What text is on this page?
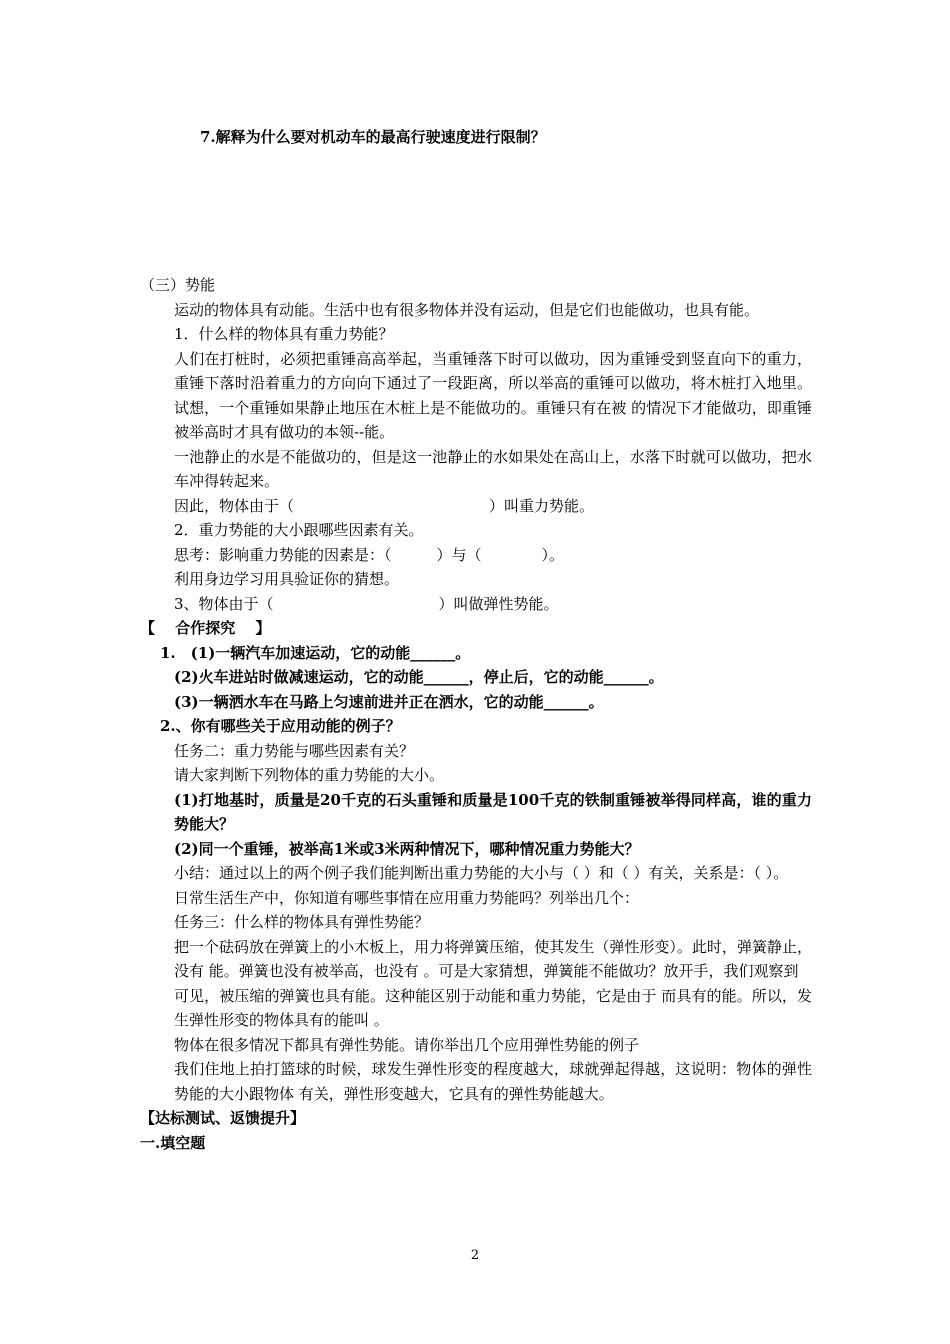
7.解释为什么要对机动车的最高行驶速度进行限制？

（三）势能

运动的物体具有动能。生活中也有很多物体并没有运动，但是它们也能做功，也具有能。

1．什么样的物体具有重力势能？

人们在打桩时，必须把重锤高高举起，当重锤落下时可以做功，因为重锤受到竖直向下的重力，重锤下落时沿着重力的方向向下通过了一段距离，所以举高的重锤可以做功，将木桩打入地里。试想，一个重锤如果静止地压在木桩上是不能做功的。重锤只有在被 的情况下才能做功，即重锤被举高时才具有做功的本领--能。

一池静止的水是不能做功的，但是这一池静止的水如果处在高山上，水落下时就可以做功，把水车冲得转起来。

因此，物体由于（　　　　　　　　　　　　　）叫重力势能。

2．重力势能的大小跟哪些因素有关。

思考：影响重力势能的因素是：（　　　）与（　　　　）。

利用身边学习用具验证你的猜想。

3、物体由于（　　　　　　　　　　　）叫做弹性势能。

【　 合作探究　 】

1.　(1)一辆汽车加速运动，它的动能______。

(2)火车进站时做减速运动，它的动能______，停止后，它的动能______。

(3)一辆洒水车在马路上匀速前进并正在洒水，它的动能______。

2.、你有哪些关于应用动能的例子？

任务二：重力势能与哪些因素有关？

请大家判断下列物体的重力势能的大小。

(1)打地基时，质量是20千克的石头重锤和质量是100千克的铁制重锤被举得同样高，谁的重力势能大？

(2)同一个重锤，被举高1米或3米两种情况下，哪种情况重力势能大？

小结：通过以上的两个例子我们能判断出重力势能的大小与（ ）和（ ）有关，关系是：（ ）。

日常生活生产中，你知道有哪些事情在应用重力势能吗？列举出几个：

任务三：什么样的物体具有弹性势能？

把一个砝码放在弹簧上的小木板上，用力将弹簧压缩，使其发生（弹性形变）。此时，弹簧静止，没有 能。弹簧也没有被举高，也没有 。可是大家猜想，弹簧能不能做功？放开手，我们观察到

可见，被压缩的弹簧也具有能。这种能区别于动能和重力势能，它是由于 而具有的能。所以，发生弹性形变的物体具有的能叫 。

物体在很多情况下都具有弹性势能。请你举出几个应用弹性势能的例子

我们住地上拍打篮球的时候，球发生弹性形变的程度越大，球就弹起得越，这说明：物体的弹性势能的大小跟物体 有关，弹性形变越大，它具有的弹性势能越大。

【达标测试、返馈提升】

一.填空题

2
